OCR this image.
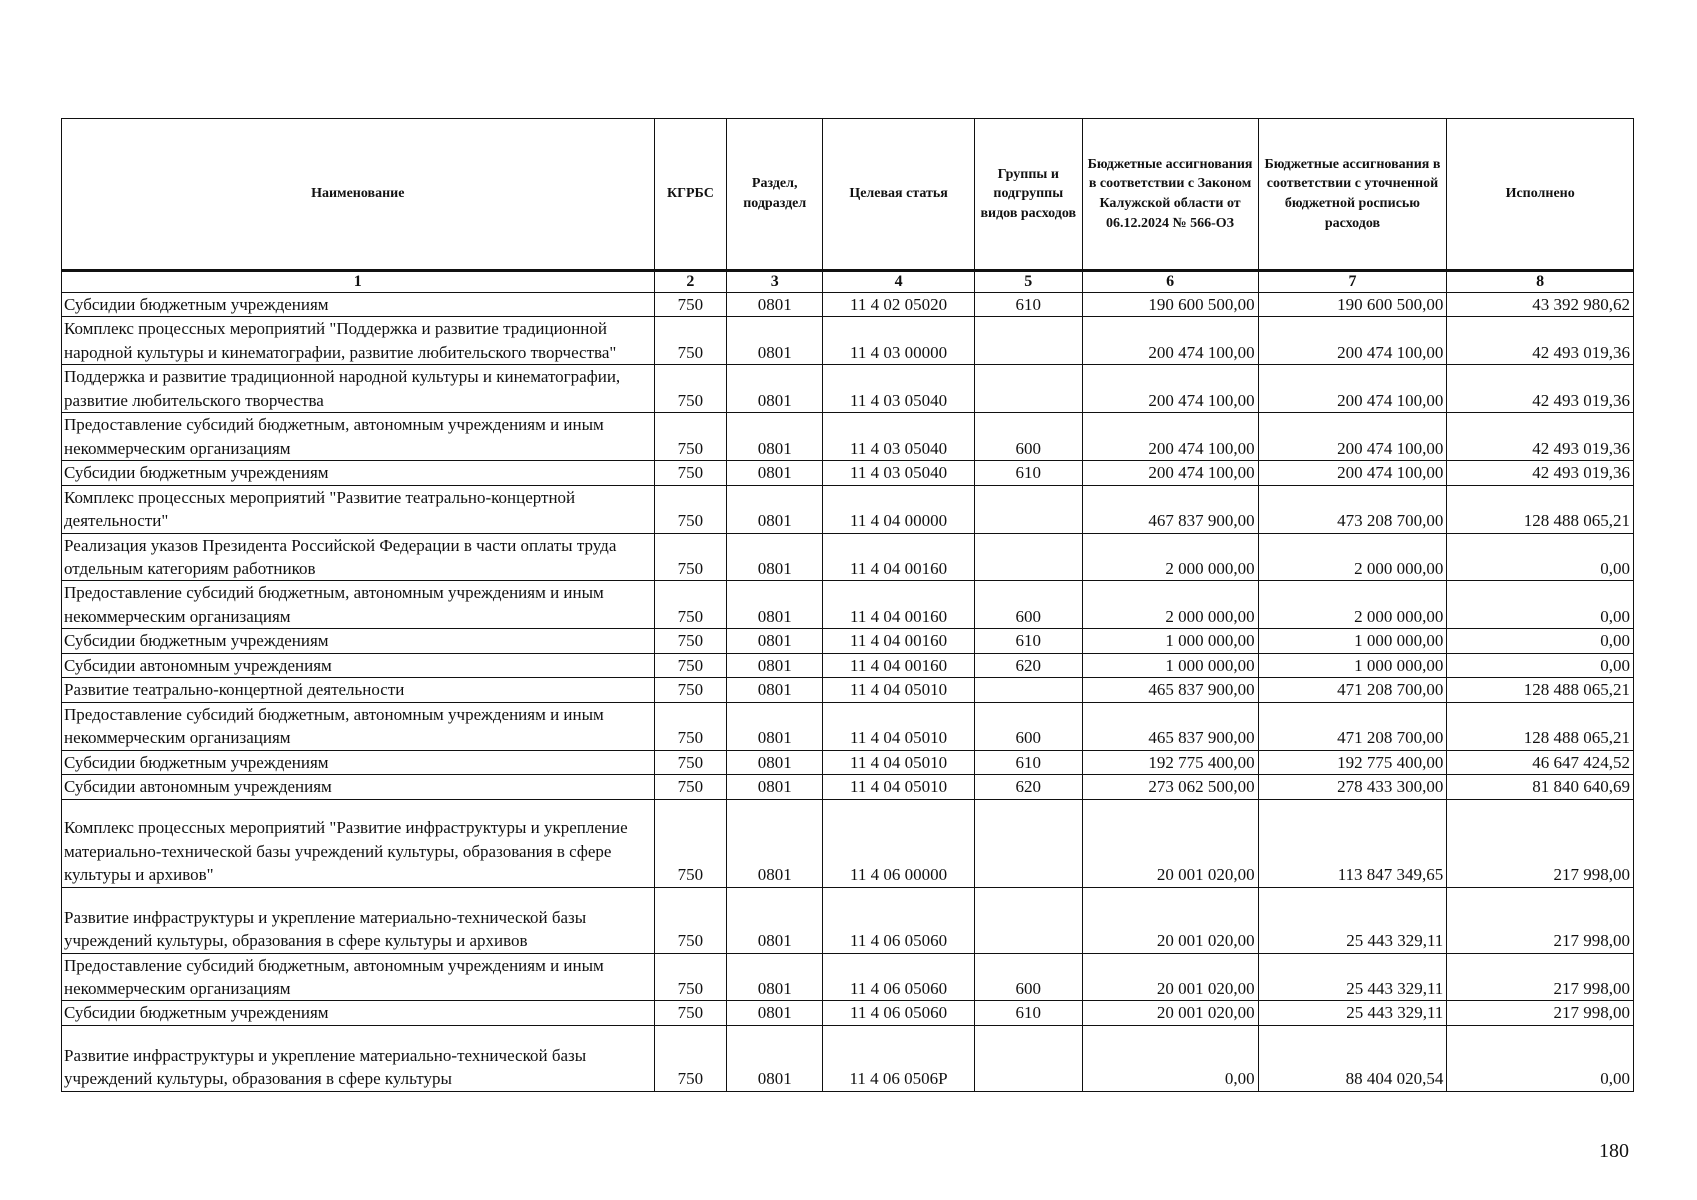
Наименование	КГРБС	Раздел, подраздел	Целевая статья	Группы и подгруппы видов расходов	Бюджетные ассигнования в соответствии с Законом Калужской области от 06.12.2024 № 566-ОЗ	Бюджетные ассигнования в соответствии с уточненной бюджетной росписью расходов	Исполнено
1	2	3	4	5	6	7	8
Субсидии бюджетным учреждениям	750	0801	11 4 02 05020	610	190 600 500,00	190 600 500,00	43 392 980,62
Комплекс процессных мероприятий "Поддержка и развитие традиционной народной культуры и кинематографии, развитие любительского творчества"	750	0801	11 4 03 00000		200 474 100,00	200 474 100,00	42 493 019,36
Поддержка и развитие традиционной народной культуры и кинематографии, развитие любительского творчества	750	0801	11 4 03 05040		200 474 100,00	200 474 100,00	42 493 019,36
Предоставление субсидий бюджетным, автономным учреждениям и иным некоммерческим организациям	750	0801	11 4 03 05040	600	200 474 100,00	200 474 100,00	42 493 019,36
Субсидии бюджетным учреждениям	750	0801	11 4 03 05040	610	200 474 100,00	200 474 100,00	42 493 019,36
Комплекс процессных мероприятий "Развитие театрально-концертной деятельности"	750	0801	11 4 04 00000		467 837 900,00	473 208 700,00	128 488 065,21
Реализация указов Президента Российской Федерации в части оплаты труда отдельным категориям работников	750	0801	11 4 04 00160		2 000 000,00	2 000 000,00	0,00
Предоставление субсидий бюджетным, автономным учреждениям и иным некоммерческим организациям	750	0801	11 4 04 00160	600	2 000 000,00	2 000 000,00	0,00
Субсидии бюджетным учреждениям	750	0801	11 4 04 00160	610	1 000 000,00	1 000 000,00	0,00
Субсидии автономным учреждениям	750	0801	11 4 04 00160	620	1 000 000,00	1 000 000,00	0,00
Развитие театрально-концертной деятельности	750	0801	11 4 04 05010		465 837 900,00	471 208 700,00	128 488 065,21
Предоставление субсидий бюджетным, автономным учреждениям и иным некоммерческим организациям	750	0801	11 4 04 05010	600	465 837 900,00	471 208 700,00	128 488 065,21
Субсидии бюджетным учреждениям	750	0801	11 4 04 05010	610	192 775 400,00	192 775 400,00	46 647 424,52
Субсидии автономным учреждениям	750	0801	11 4 04 05010	620	273 062 500,00	278 433 300,00	81 840 640,69
Комплекс процессных мероприятий "Развитие инфраструктуры и укрепление материально-технической базы учреждений культуры, образования в сфере культуры и архивов"	750	0801	11 4 06 00000		20 001 020,00	113 847 349,65	217 998,00
Развитие инфраструктуры и укрепление материально-технической базы учреждений культуры, образования в сфере культуры и архивов	750	0801	11 4 06 05060		20 001 020,00	25 443 329,11	217 998,00
Предоставление субсидий бюджетным, автономным учреждениям и иным некоммерческим организациям	750	0801	11 4 06 05060	600	20 001 020,00	25 443 329,11	217 998,00
Субсидии бюджетным учреждениям	750	0801	11 4 06 05060	610	20 001 020,00	25 443 329,11	217 998,00
Развитие инфраструктуры и укрепление материально-технической базы учреждений культуры, образования в сфере культуры	750	0801	11 4 06 0506Р		0,00	88 404 020,54	0,00
180
